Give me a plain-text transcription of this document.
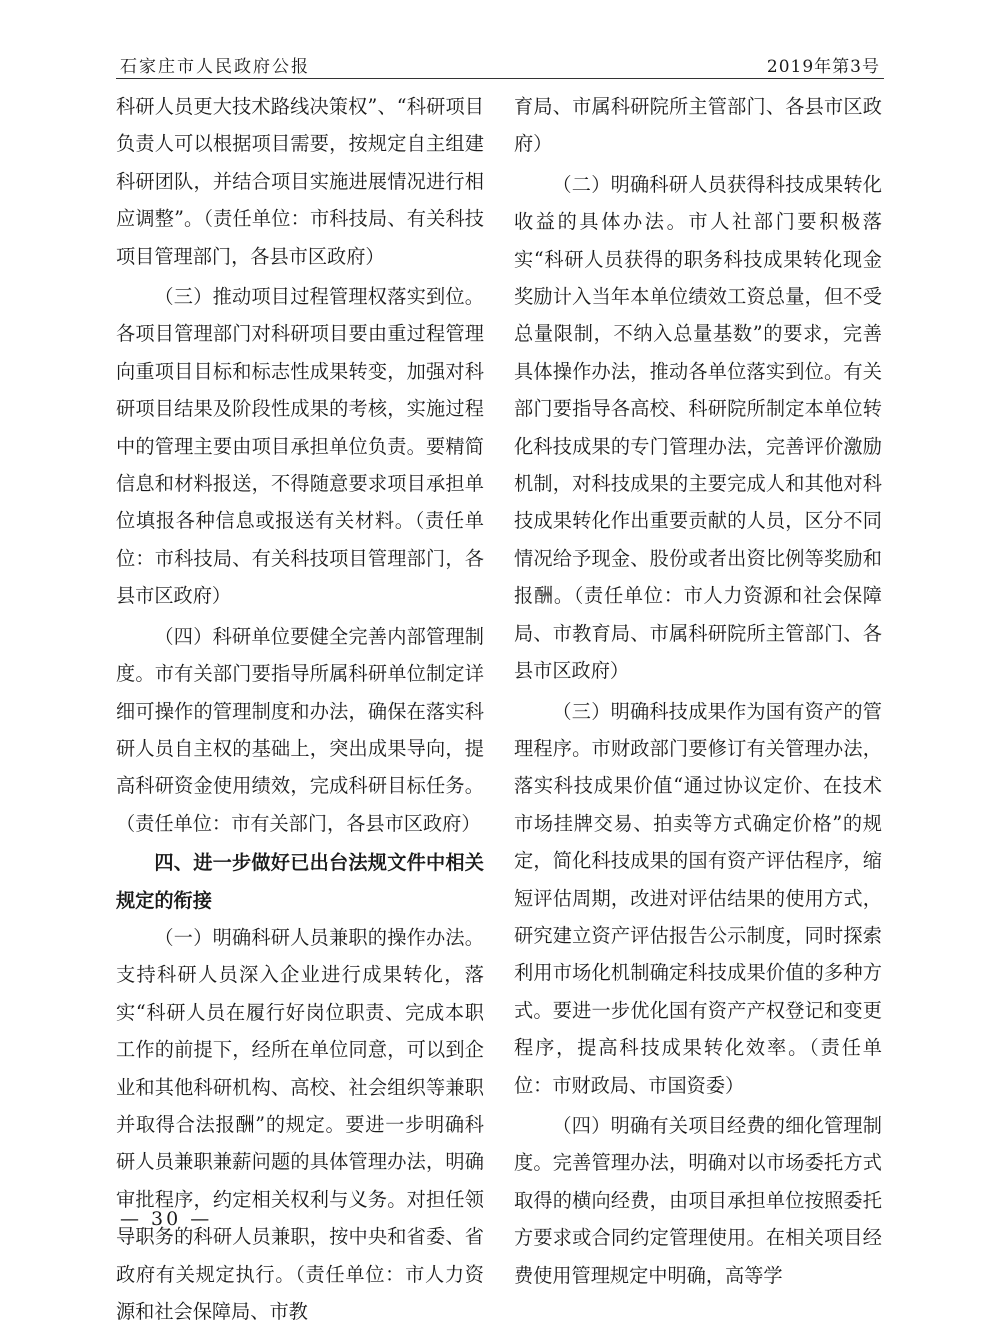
石家庄市人民政府公报	2019年第3号

科研人员更大技术路线决策权”、“科研项目负责人可以根据项目需要，按规定自主组建科研团队，并结合项目实施进展情况进行相应调整”。（责任单位：市科技局、有关科技项目管理部门，各县市区政府）

（三）推动项目过程管理权落实到位。各项目管理部门对科研项目要由重过程管理向重项目目标和标志性成果转变，加强对科研项目结果及阶段性成果的考核，实施过程中的管理主要由项目承担单位负责。要精简信息和材料报送，不得随意要求项目承担单位填报各种信息或报送有关材料。（责任单位：市科技局、有关科技项目管理部门，各县市区政府）

（四）科研单位要健全完善内部管理制度。市有关部门要指导所属科研单位制定详细可操作的管理制度和办法，确保在落实科研人员自主权的基础上，突出成果导向，提高科研资金使用绩效，完成科研目标任务。（责任单位：市有关部门，各县市区政府）

四、进一步做好已出台法规文件中相关规定的衔接

（一）明确科研人员兼职的操作办法。支持科研人员深入企业进行成果转化，落实“科研人员在履行好岗位职责、完成本职工作的前提下，经所在单位同意，可以到企业和其他科研机构、高校、社会组织等兼职并取得合法报酬”的规定。要进一步明确科研人员兼职兼薪问题的具体管理办法，明确审批程序，约定相关权利与义务。对担任领导职务的科研人员兼职，按中央和省委、省政府有关规定执行。（责任单位：市人力资源和社会保障局、市教

育局、市属科研院所主管部门、各县市区政府）

（二）明确科研人员获得科技成果转化收益的具体办法。市人社部门要积极落实“科研人员获得的职务科技成果转化现金奖励计入当年本单位绩效工资总量，但不受总量限制，不纳入总量基数”的要求，完善具体操作办法，推动各单位落实到位。有关部门要指导各高校、科研院所制定本单位转化科技成果的专门管理办法，完善评价激励机制，对科技成果的主要完成人和其他对科技成果转化作出重要贡献的人员，区分不同情况给予现金、股份或者出资比例等奖励和报酬。（责任单位：市人力资源和社会保障局、市教育局、市属科研院所主管部门、各县市区政府）

（三）明确科技成果作为国有资产的管理程序。市财政部门要修订有关管理办法，落实科技成果价值“通过协议定价、在技术市场挂牌交易、拍卖等方式确定价格”的规定，简化科技成果的国有资产评估程序，缩短评估周期，改进对评估结果的使用方式，研究建立资产评估报告公示制度，同时探索利用市场化机制确定科技成果价值的多种方式。要进一步优化国有资产产权登记和变更程序，提高科技成果转化效率。（责任单位：市财政局、市国资委）

（四）明确有关项目经费的细化管理制度。完善管理办法，明确对以市场委托方式取得的横向经费，由项目承担单位按照委托方要求或合同约定管理使用。在相关项目经费使用管理规定中明确，高等学

— 30 —
